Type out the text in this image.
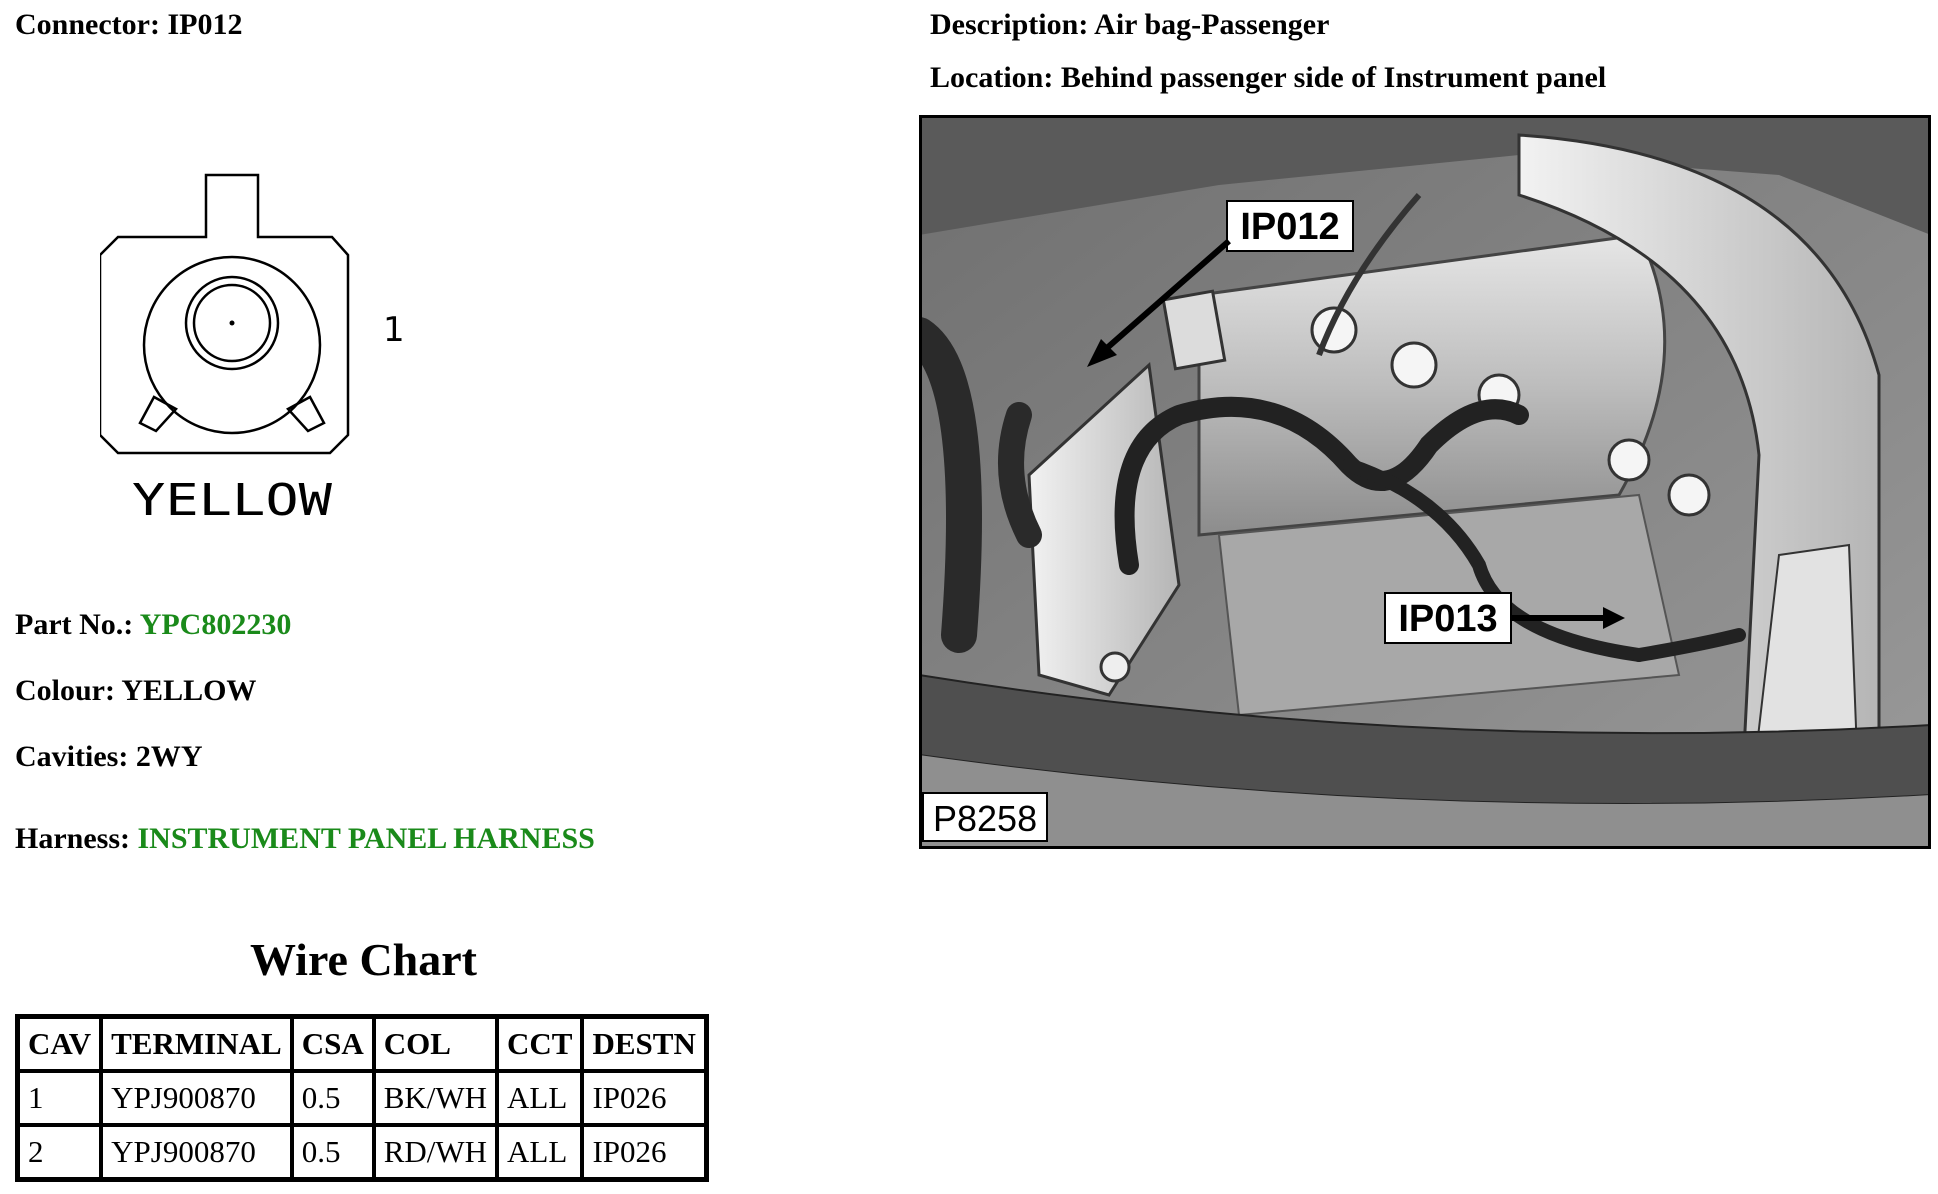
Connector: IP012
1
YELLOW
Description: Air bag-Passenger
Location: Behind passenger side of Instrument panel
IP012
IP013
P8258
Part No.: YPC802230
Colour: YELLOW
Cavities: 2WY
Harness: INSTRUMENT PANEL HARNESS
Wire Chart
CAV	TERMINAL	CSA	COL	CCT	DESTN
1	YPJ900870	0.5	BK/WH	ALL	IP026
2	YPJ900870	0.5	RD/WH	ALL	IP026
